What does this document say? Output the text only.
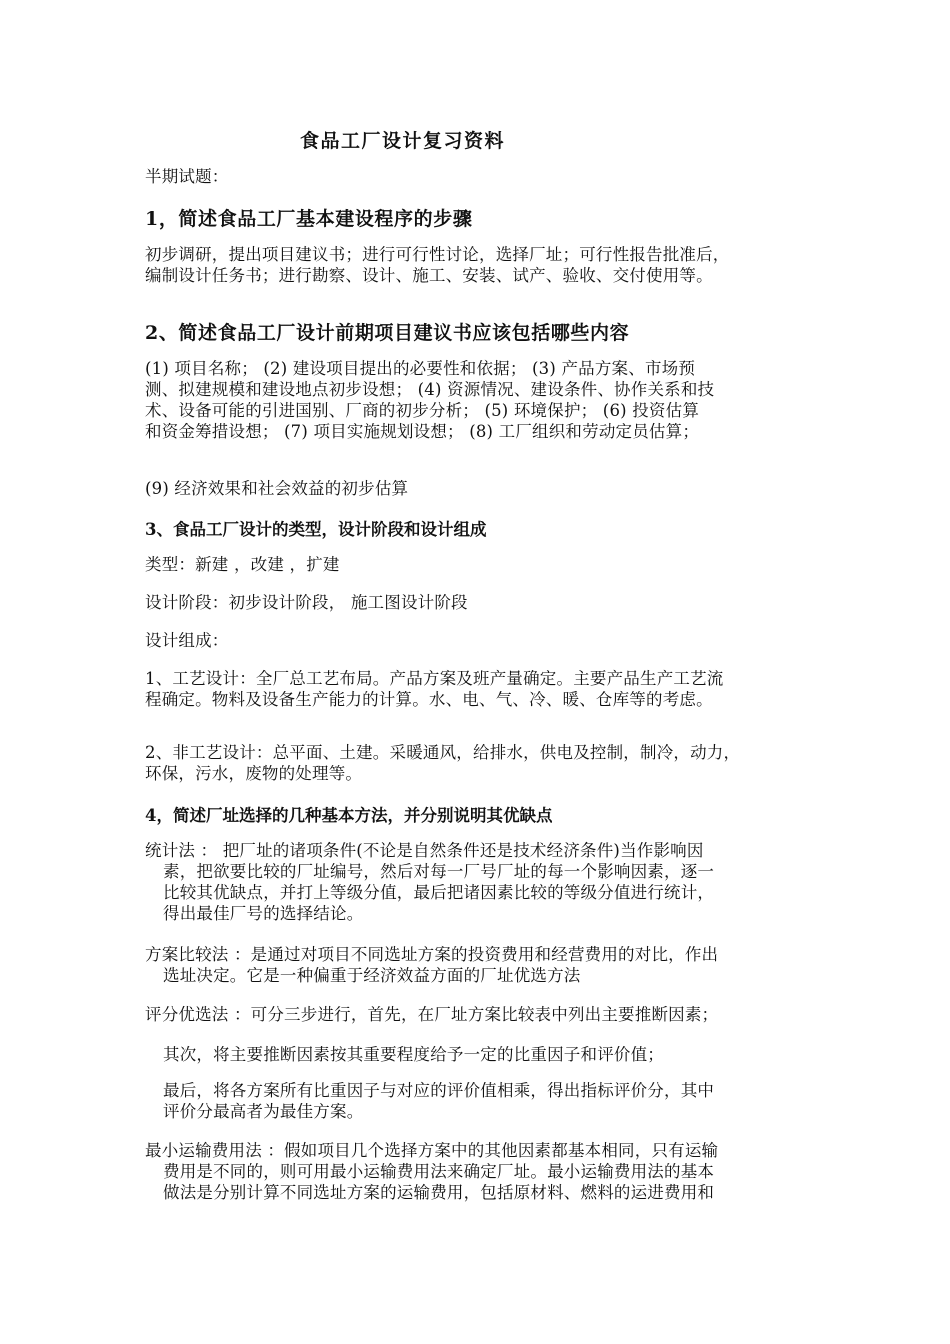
食品工厂设计复习资料
半期试题：
1，简述食品工厂基本建设程序的步骤
初步调研，提出项目建议书；进行可行性讨论，选择厂址；可行性报告批准后，
编制设计任务书；进行勘察、设计、施工、安装、试产、验收、交付使用等。
2、简述食品工厂设计前期项目建议书应该包括哪些内容
(1) 项目名称； (2) 建设项目提出的必要性和依据； (3) 产品方案、市场预
测、拟建规模和建设地点初步设想； (4) 资源情况、建设条件、协作关系和技
术、设备可能的引进国别、厂商的初步分析； (5) 环境保护； (6) 投资估算
和资金筹措设想； (7) 项目实施规划设想； (8) 工厂组织和劳动定员估算；
(9) 经济效果和社会效益的初步估算
3、食品工厂设计的类型，设计阶段和设计组成
类型：新建 ，改建 ，扩建
设计阶段：初步设计阶段， 施工图设计阶段
设计组成：
1、工艺设计：全厂总工艺布局。产品方案及班产量确定。主要产品生产工艺流
程确定。物料及设备生产能力的计算。水、电、气、冷、暖、仓库等的考虑。
2、非工艺设计：总平面、土建。采暖通风，给排水，供电及控制，制冷，动力，
环保，污水，废物的处理等。
4，简述厂址选择的几种基本方法，并分别说明其优缺点
统计法 ： 把厂址的诸项条件(不论是自然条件还是技术经济条件)当作影响因
素，把欲要比较的厂址编号，然后对每一厂号厂址的每一个影响因素，逐一
比较其优缺点，并打上等级分值，最后把诸因素比较的等级分值进行统计，
得出最佳厂号的选择结论。
方案比较法 ：是通过对项目不同选址方案的投资费用和经营费用的对比，作出
选址决定。它是一种偏重于经济效益方面的厂址优选方法
评分优选法 ：可分三步进行，首先，在厂址方案比较表中列出主要推断因素；
其次，将主要推断因素按其重要程度给予一定的比重因子和评价值；
最后，将各方案所有比重因子与对应的评价值相乘，得出指标评价分，其中
评价分最高者为最佳方案。
最小运输费用法 ：假如项目几个选择方案中的其他因素都基本相同，只有运输
费用是不同的，则可用最小运输费用法来确定厂址。最小运输费用法的基本
做法是分别计算不同选址方案的运输费用，包括原材料、燃料的运进费用和
